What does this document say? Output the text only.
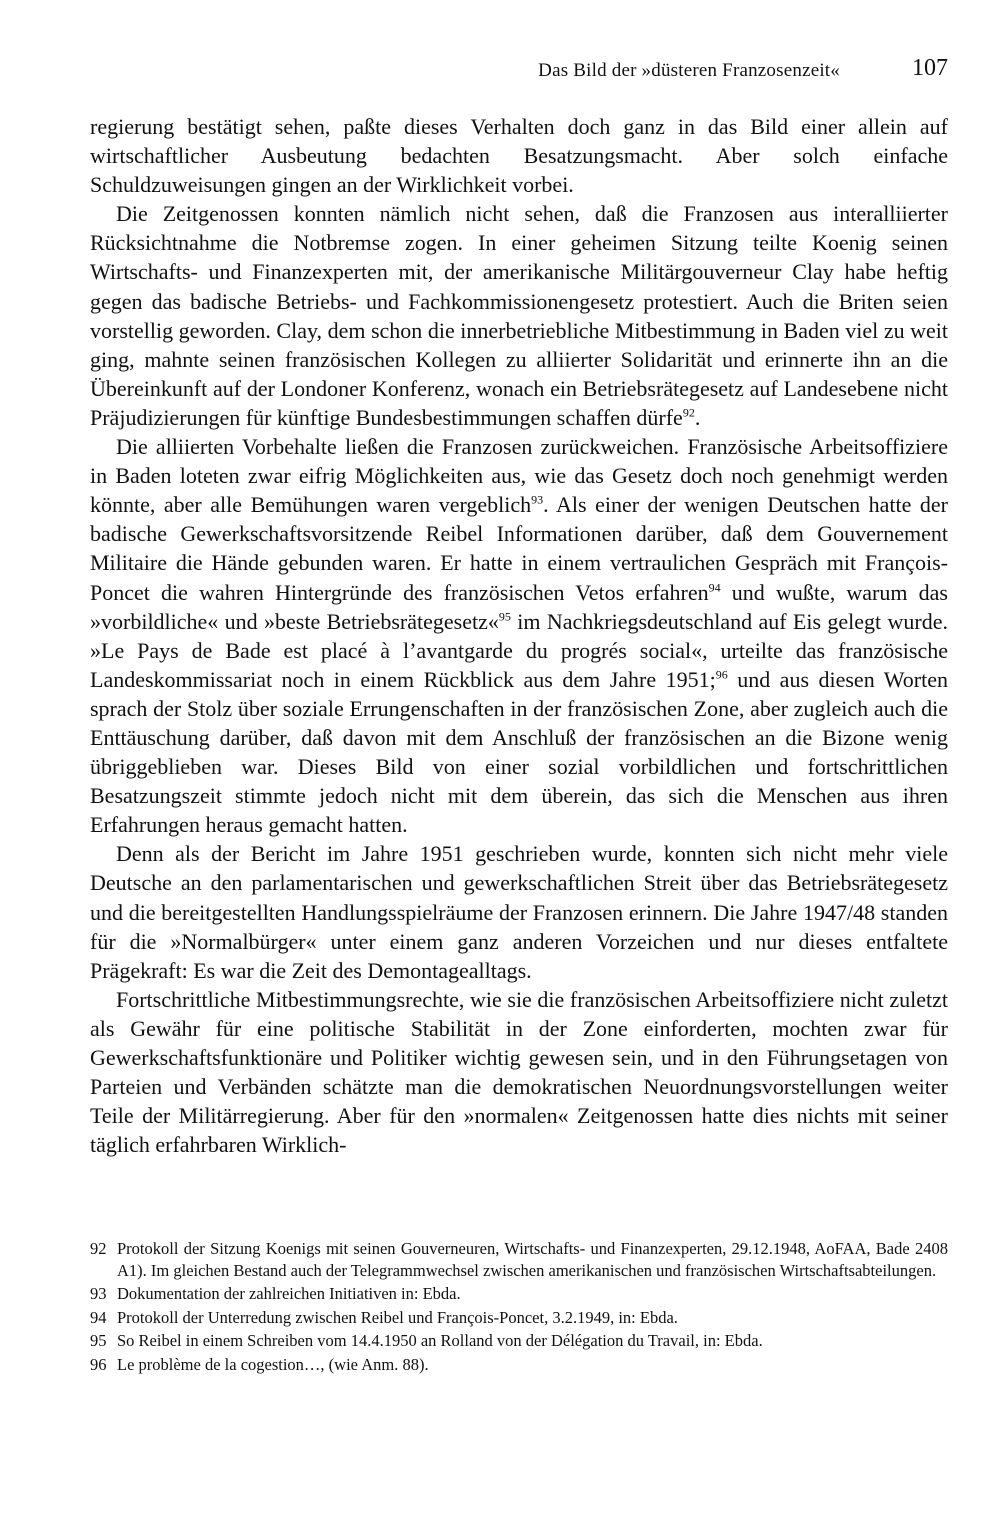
Das Bild der »düsteren Franzosenzeit«	107

regierung bestätigt sehen, paßte dieses Verhalten doch ganz in das Bild einer allein auf wirtschaftlicher Ausbeutung bedachten Besatzungsmacht. Aber solch einfache Schuldzuweisungen gingen an der Wirklichkeit vorbei.

Die Zeitgenossen konnten nämlich nicht sehen, daß die Franzosen aus interalliierter Rücksichtnahme die Notbremse zogen. In einer geheimen Sitzung teilte Koenig seinen Wirtschafts- und Finanzexperten mit, der amerikanische Militärgouverneur Clay habe heftig gegen das badische Betriebs- und Fachkommissionengesetz protestiert. Auch die Briten seien vorstellig geworden. Clay, dem schon die innerbetriebliche Mitbestimmung in Baden viel zu weit ging, mahnte seinen französischen Kollegen zu alliierter Solidarität und erinnerte ihn an die Übereinkunft auf der Londoner Konferenz, wonach ein Betriebsrätegesetz auf Landesebene nicht Präjudizierungen für künftige Bundesbestimmungen schaffen dürfe$^{92}$.

Die alliierten Vorbehalte ließen die Franzosen zurückweichen. Französische Arbeitsoffiziere in Baden loteten zwar eifrig Möglichkeiten aus, wie das Gesetz doch noch genehmigt werden könnte, aber alle Bemühungen waren vergeblich$^{93}$. Als einer der wenigen Deutschen hatte der badische Gewerkschaftsvorsitzende Reibel Informationen darüber, daß dem Gouvernement Militaire die Hände gebunden waren. Er hatte in einem vertraulichen Gespräch mit François-Poncet die wahren Hintergründe des französischen Vetos erfahren$^{94}$ und wußte, warum das »vorbildliche« und »beste Betriebsrätegesetz«$^{95}$ im Nachkriegsdeutschland auf Eis gelegt wurde. »Le Pays de Bade est placé à l’avantgarde du progrés social«, urteilte das französische Landeskommissariat noch in einem Rückblick aus dem Jahre 1951;$^{96}$ und aus diesen Worten sprach der Stolz über soziale Errungenschaften in der französischen Zone, aber zugleich auch die Enttäuschung darüber, daß davon mit dem Anschluß der französischen an die Bizone wenig übriggeblieben war. Dieses Bild von einer sozial vorbildlichen und fortschrittlichen Besatzungszeit stimmte jedoch nicht mit dem überein, das sich die Menschen aus ihren Erfahrungen heraus gemacht hatten.

Denn als der Bericht im Jahre 1951 geschrieben wurde, konnten sich nicht mehr viele Deutsche an den parlamentarischen und gewerkschaftlichen Streit über das Betriebsrätegesetz und die bereitgestellten Handlungsspielräume der Franzosen erinnern. Die Jahre 1947/48 standen für die »Normalbürger« unter einem ganz anderen Vorzeichen und nur dieses entfaltete Prägekraft: Es war die Zeit des Demontagealltags.

Fortschrittliche Mitbestimmungsrechte, wie sie die französischen Arbeitsoffiziere nicht zuletzt als Gewähr für eine politische Stabilität in der Zone einforderten, mochten zwar für Gewerkschaftsfunktionäre und Politiker wichtig gewesen sein, und in den Führungsetagen von Parteien und Verbänden schätzte man die demokratischen Neuordnungsvorstellungen weiter Teile der Militärregierung. Aber für den »normalen« Zeitgenossen hatte dies nichts mit seiner täglich erfahrbaren Wirklich-

92 Protokoll der Sitzung Koenigs mit seinen Gouverneuren, Wirtschafts- und Finanzexperten, 29.12.1948, AoFAA, Bade 2408 A1). Im gleichen Bestand auch der Telegrammwechsel zwischen amerikanischen und französischen Wirtschaftsabteilungen.
93 Dokumentation der zahlreichen Initiativen in: Ebda.
94 Protokoll der Unterredung zwischen Reibel und François-Poncet, 3.2.1949, in: Ebda.
95 So Reibel in einem Schreiben vom 14.4.1950 an Rolland von der Délégation du Travail, in: Ebda.
96 Le problème de la cogestion…, (wie Anm. 88).
